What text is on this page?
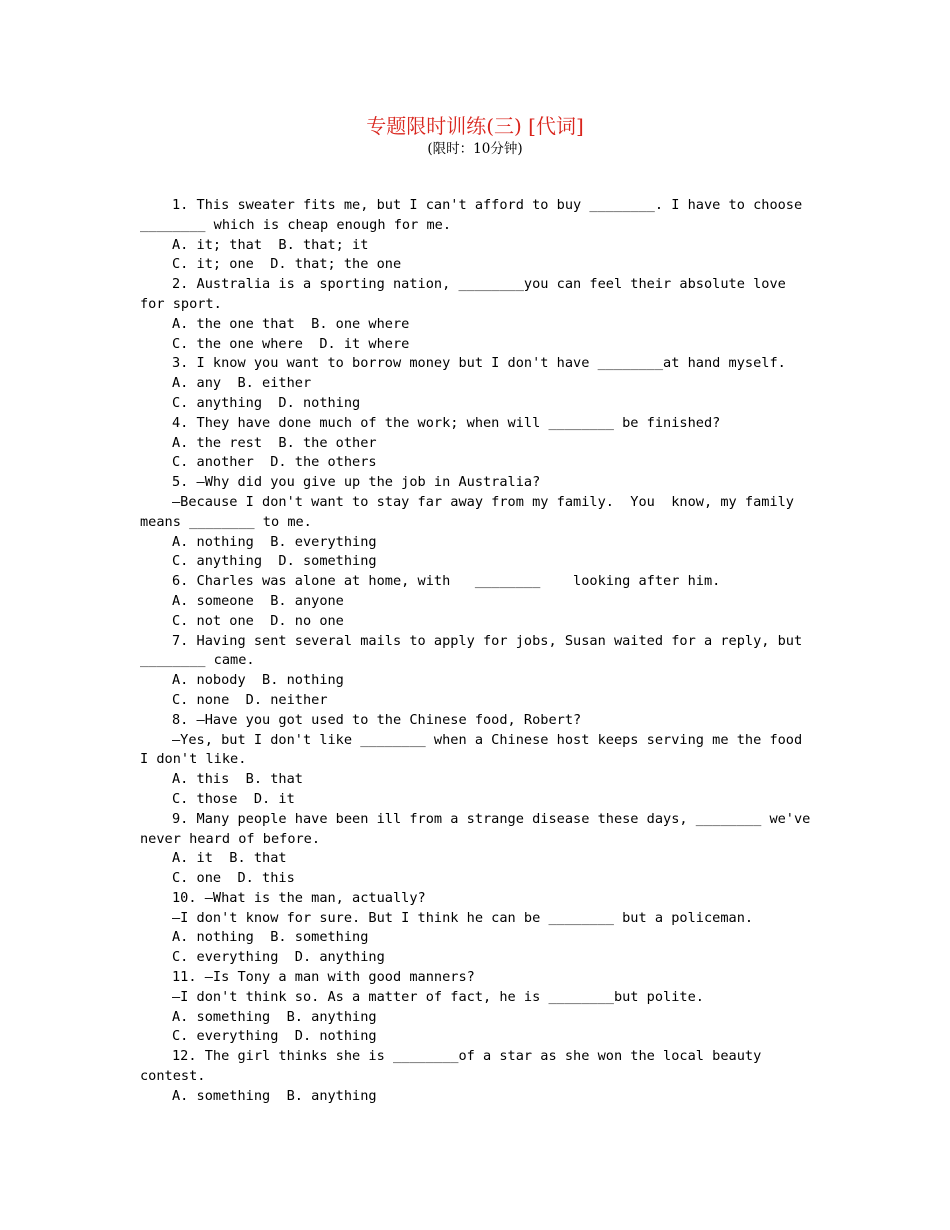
专题限时训练(三) [代词]
(限时：10分钟)
1. This sweater fits me, but I can't afford to buy ________. I have to choose
________ which is cheap enough for me.
A. it; that  B. that; it
C. it; one  D. that; the one
2. Australia is a sporting nation, ________you can feel their absolute love
for sport.
A. the one that  B. one where
C. the one where  D. it where
3. I know you want to borrow money but I don't have ________at hand myself.
A. any  B. either
C. anything  D. nothing
4. They have done much of the work; when will ________ be finished?
A. the rest  B. the other
C. another  D. the others
5. —Why did you give up the job in Australia?
—Because I don't want to stay far away from my family.  You  know, my family
means ________ to me.
A. nothing  B. everything
C. anything  D. something
6. Charles was alone at home, with   ________    looking after him.
A. someone  B. anyone
C. not one  D. no one
7. Having sent several mails to apply for jobs, Susan waited for a reply, but
________ came.
A. nobody  B. nothing
C. none  D. neither
8. —Have you got used to the Chinese food, Robert?
—Yes, but I don't like ________ when a Chinese host keeps serving me the food
I don't like.
A. this  B. that
C. those  D. it
9. Many people have been ill from a strange disease these days, ________ we've
never heard of before.
A. it  B. that
C. one  D. this
10. —What is the man, actually?
—I don't know for sure. But I think he can be ________ but a policeman.
A. nothing  B. something
C. everything  D. anything
11. —Is Tony a man with good manners?
—I don't think so. As a matter of fact, he is ________but polite.
A. something  B. anything
C. everything  D. nothing
12. The girl thinks she is ________of a star as she won the local beauty
contest.
A. something  B. anything
